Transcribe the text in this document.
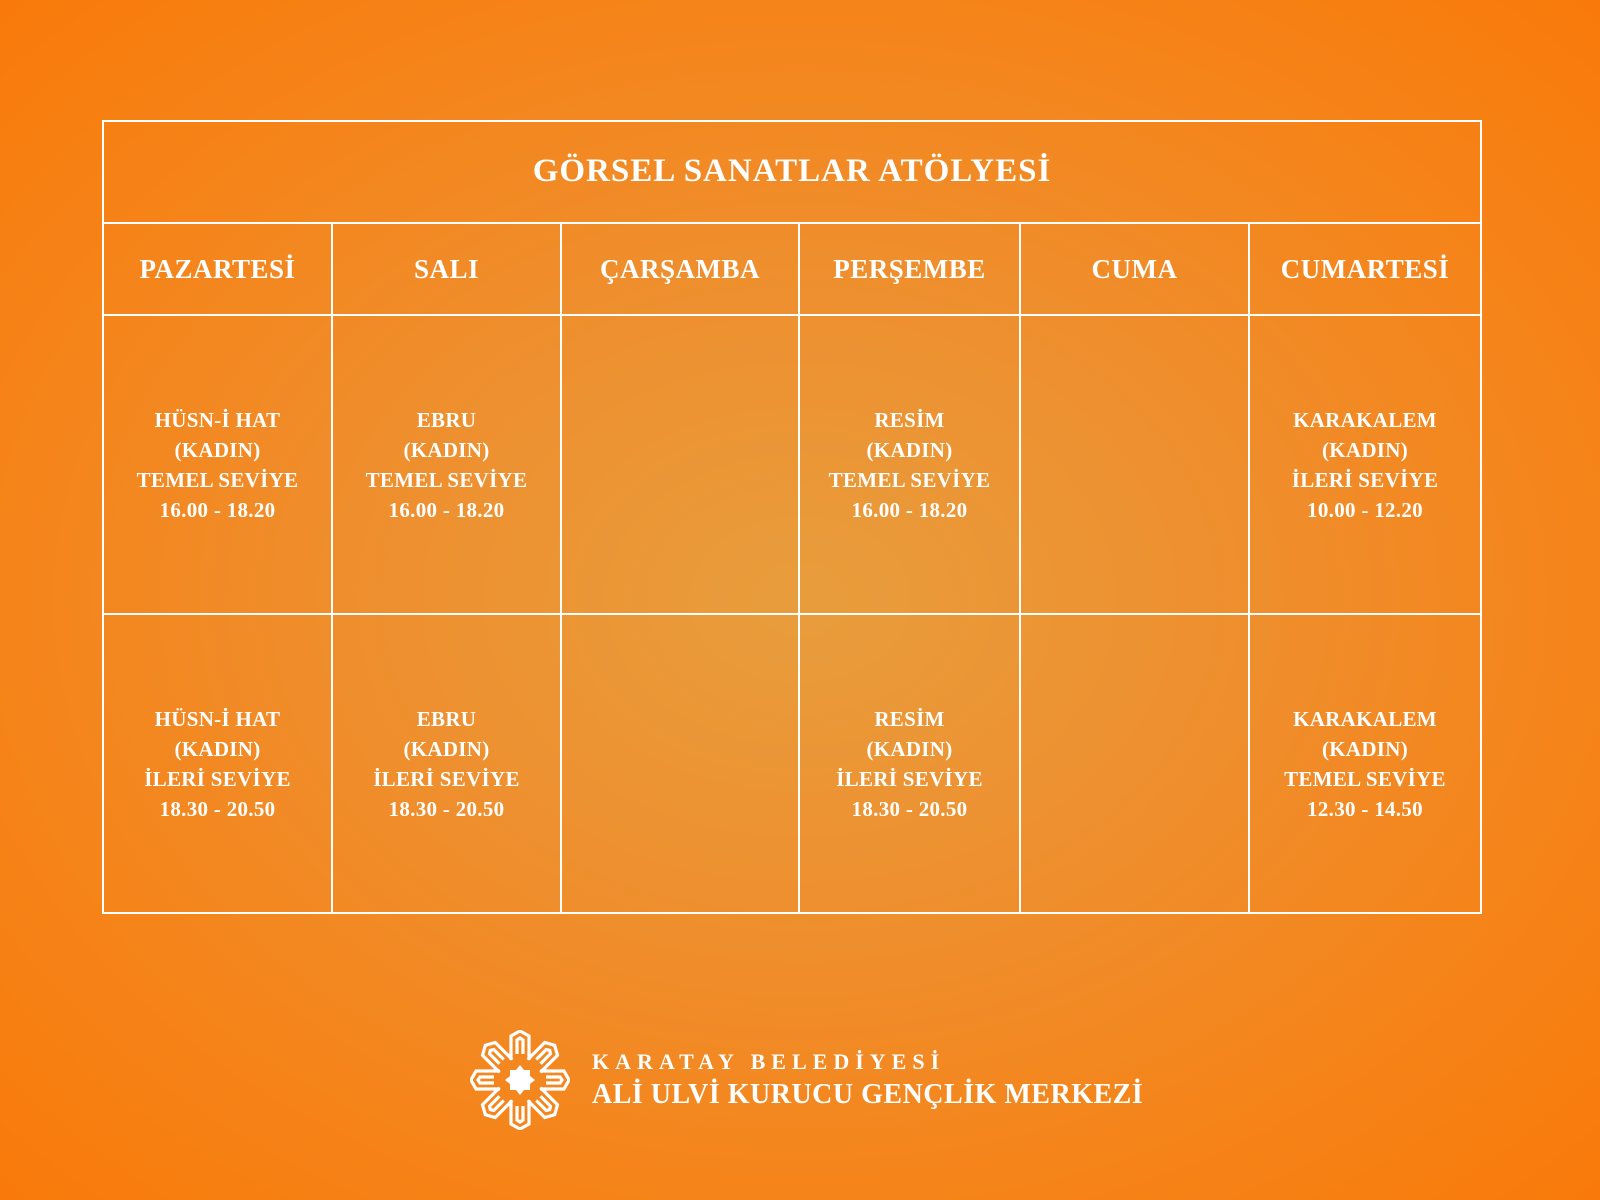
GÖRSEL SANATLAR ATÖLYESİ					
PAZARTESİ	SALI	ÇARŞAMBA	PERŞEMBE	CUMA	CUMARTESİ

HÜSN-İ HAT
(KADIN)
TEMEL SEVİYE
16.00 - 18.20	EBRU
(KADIN)
TEMEL SEVİYE
16.00 - 18.20		RESİM
(KADIN)
TEMEL SEVİYE
16.00 - 18.20		KARAKALEM
(KADIN)
İLERİ SEVİYE
10.00 - 12.20

HÜSN-İ HAT
(KADIN)
İLERİ SEVİYE
18.30 - 20.50	EBRU
(KADIN)
İLERİ SEVİYE
18.30 - 20.50		RESİM
(KADIN)
İLERİ SEVİYE
18.30 - 20.50		KARAKALEM
(KADIN)
TEMEL SEVİYE
12.30 - 14.50
KARATAY BELEDİYESİ
ALİ ULVİ KURUCU GENÇLİK MERKEZİ
